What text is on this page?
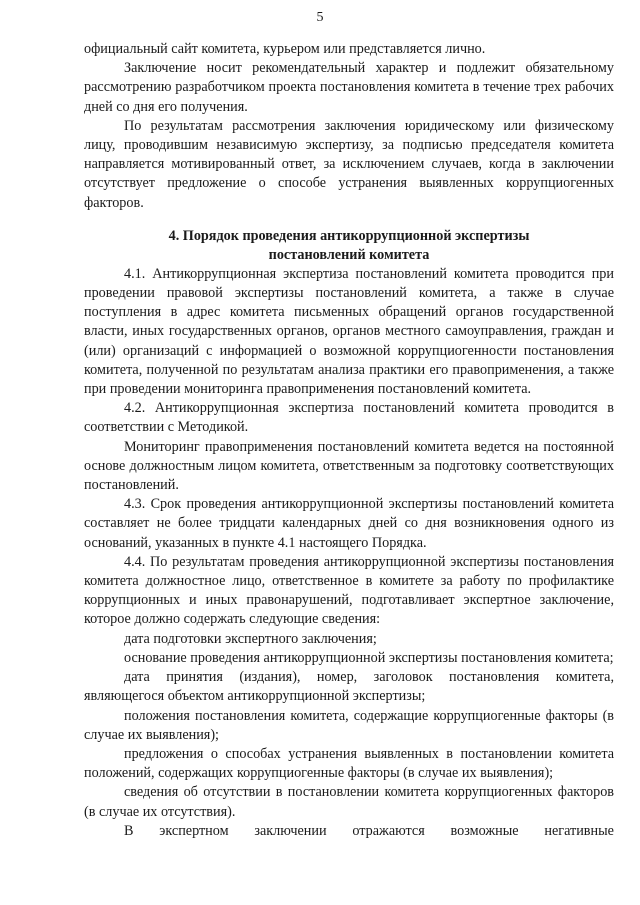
5

официальный сайт комитета, курьером или представляется лично.

Заключение носит рекомендательный характер и подлежит обязательному рассмотрению разработчиком проекта постановления комитета в течение трех рабочих дней со дня его получения.

По результатам рассмотрения заключения юридическому или физическому лицу, проводившим независимую экспертизу, за подписью председателя комитета направляется мотивированный ответ, за исключением случаев, когда в заключении отсутствует предложение о способе устранения выявленных коррупциогенных факторов.

4. Порядок проведения антикоррупционной экспертизы
постановлений комитета

4.1. Антикоррупционная экспертиза постановлений комитета проводится при проведении правовой экспертизы постановлений комитета, а также в случае поступления в адрес комитета письменных обращений органов государственной власти, иных государственных органов, органов местного самоуправления, граждан и (или) организаций с информацией о возможной коррупциогенности постановления комитета, полученной по результатам анализа практики его правоприменения, а также при проведении мониторинга правоприменения постановлений комитета.

4.2. Антикоррупционная экспертиза постановлений комитета проводится в соответствии с Методикой.

Мониторинг правоприменения постановлений комитета ведется на постоянной основе должностным лицом комитета, ответственным за подготовку соответствующих постановлений.

4.3. Срок проведения антикоррупционной экспертизы постановлений комитета составляет не более тридцати календарных дней со дня возникновения одного из оснований, указанных в пункте 4.1 настоящего Порядка.

4.4. По результатам проведения антикоррупционной экспертизы постановления комитета должностное лицо, ответственное в комитете за работу по профилактике коррупционных и иных правонарушений, подготавливает экспертное заключение, которое должно содержать следующие сведения:

дата подготовки экспертного заключения;

основание проведения антикоррупционной экспертизы постановления комитета;

дата принятия (издания), номер, заголовок постановления комитета, являющегося объектом антикоррупционной экспертизы;

положения постановления комитета, содержащие коррупциогенные факторы (в случае их выявления);

предложения о способах устранения выявленных в постановлении комитета положений, содержащих коррупциогенные факторы (в случае их выявления);

сведения об отсутствии в постановлении комитета коррупциогенных факторов (в случае их отсутствия).

В экспертном заключении отражаются возможные негативные
